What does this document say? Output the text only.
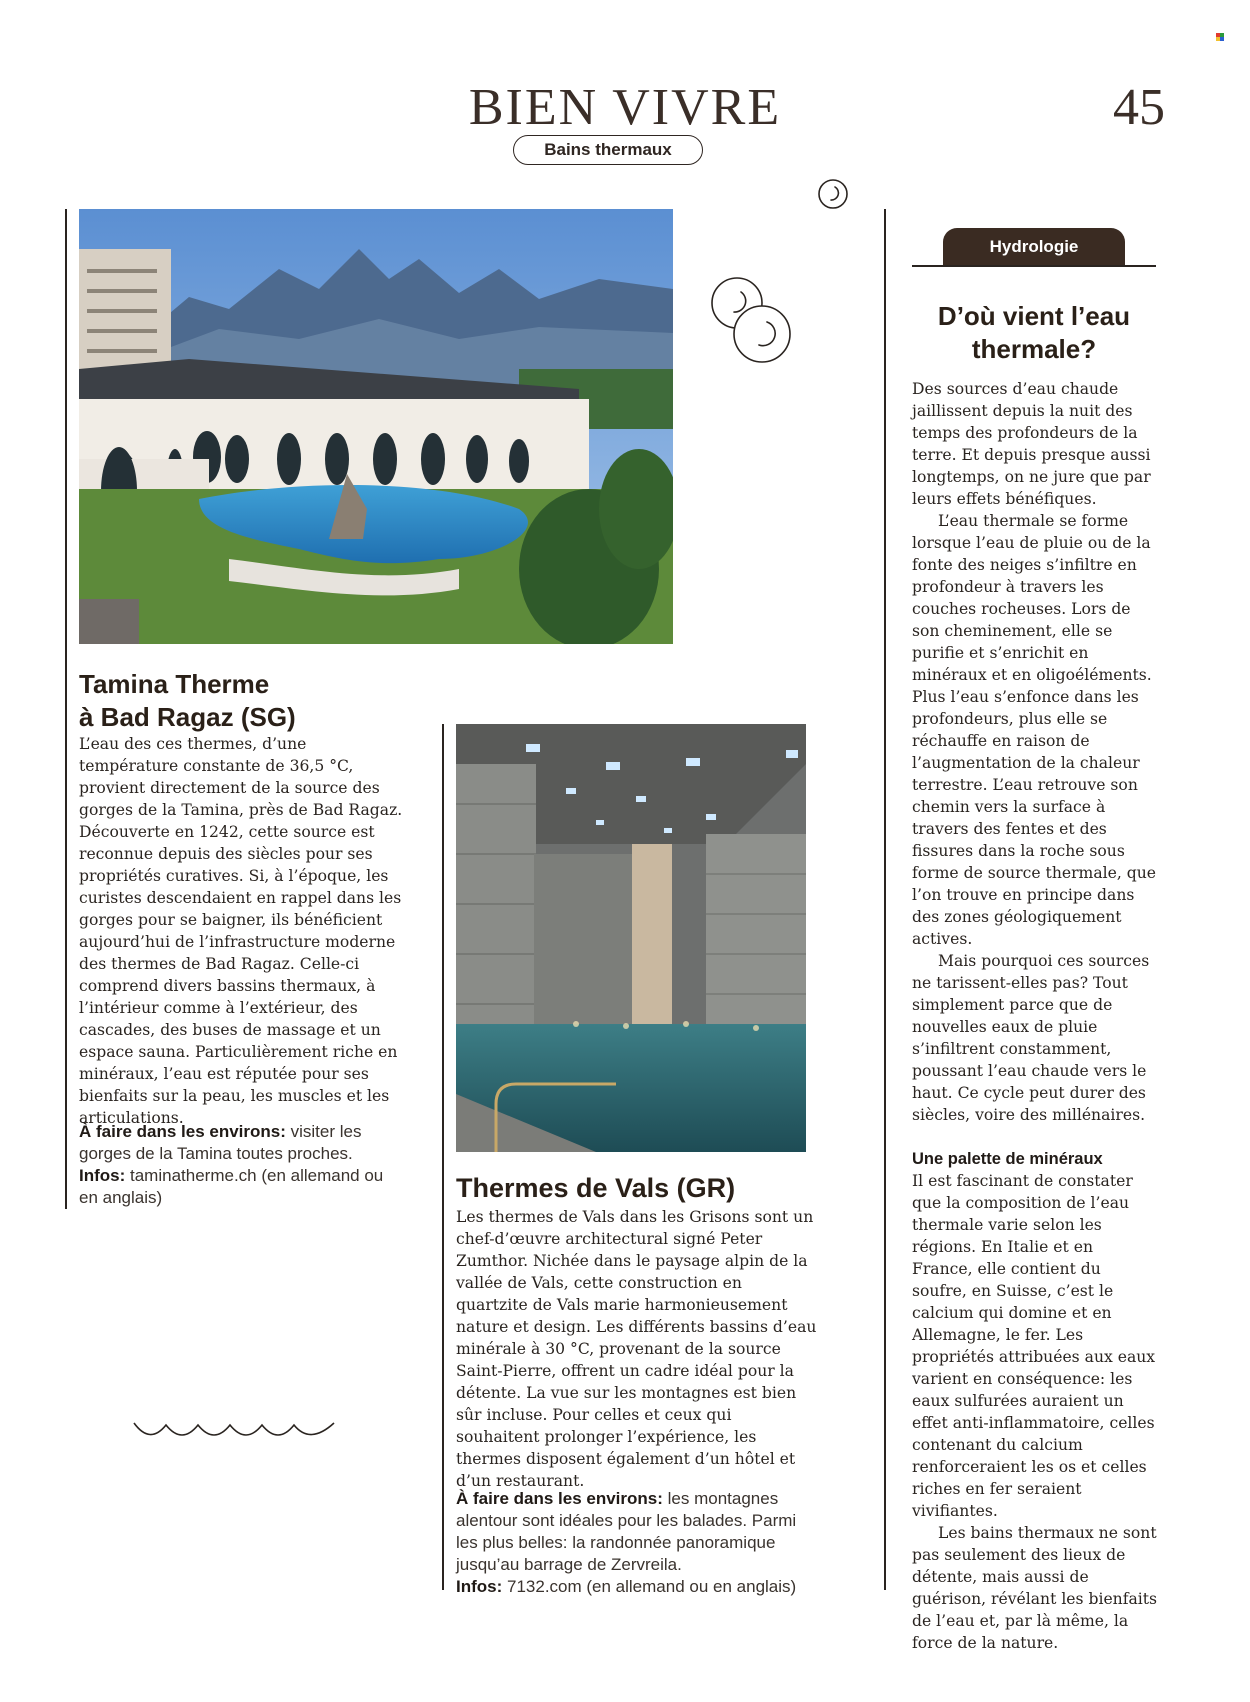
BIEN VIVRE
Bains thermaux
45
Tamina Therme
à Bad Ragaz (SG)

L’eau des ces thermes, d’une température constante de 36,5 °C, provient directement de la source des gorges de la Tamina, près de Bad Ragaz. Découverte en 1242, cette source est reconnue depuis des siècles pour ses propriétés curatives. Si, à l’époque, les curistes descendaient en rappel dans les gorges pour se baigner, ils bénéficient aujourd’hui de l’infrastructure moderne des thermes de Bad Ragaz. Celle-ci comprend divers bassins thermaux, à l’intérieur comme à l’extérieur, des cascades, des buses de massage et un espace sauna. Particulièrement riche en minéraux, l’eau est réputée pour ses bienfaits sur la peau, les muscles et les articulations.

À faire dans les environs: visiter les gorges de la Tamina toutes proches.
Infos: taminatherme.ch (en allemand ou en anglais)	Thermes de Vals (GR)

Les thermes de Vals dans les Grisons sont un chef-d’œuvre architectural signé Peter Zumthor. Nichée dans le paysage alpin de la vallée de Vals, cette construction en quartzite de Vals marie harmonieusement nature et design. Les différents bassins d’eau minérale à 30 °C, provenant de la source Saint-Pierre, offrent un cadre idéal pour la détente. La vue sur les montagnes est bien sûr incluse. Pour celles et ceux qui souhaitent prolonger l’expérience, les thermes disposent également d’un hôtel et d’un restaurant.

À faire dans les environs: les montagnes alentour sont idéales pour les balades. Parmi les plus belles: la randonnée panoramique jusqu’au barrage de Zervreila.
Infos: 7132.com (en allemand ou en anglais)
Hydrologie
D’où vient l’eau
thermale?

Des sources d’eau chaude jaillissent depuis la nuit des temps des profondeurs de la terre. Et depuis presque aussi longtemps, on ne jure que par leurs effets bénéfiques.

L’eau thermale se forme lorsque l’eau de pluie ou de la fonte des neiges s’infiltre en profondeur à travers les couches rocheuses. Lors de son cheminement, elle se purifie et s’enrichit en minéraux et en oligoéléments. Plus l’eau s’enfonce dans les profondeurs, plus elle se réchauffe en raison de l’augmentation de la chaleur terrestre. L’eau retrouve son chemin vers la surface à travers des fentes et des fissures dans la roche sous forme de source thermale, que l’on trouve en principe dans des zones géologiquement actives.

Mais pourquoi ces sources ne tarissent-elles pas? Tout simplement parce que de nouvelles eaux de pluie s’infiltrent constamment, poussant l’eau chaude vers le haut. Ce cycle peut durer des siècles, voire des millénaires.

Une palette de minéraux

Il est fascinant de constater que la composition de l’eau thermale varie selon les régions. En Italie et en France, elle contient du soufre, en Suisse, c’est le calcium qui domine et en Allemagne, le fer. Les propriétés attribuées aux eaux varient en conséquence: les eaux sulfurées auraient un effet anti-inflammatoire, celles contenant du calcium renforceraient les os et celles riches en fer seraient vivifiantes.

Les bains thermaux ne sont pas seulement des lieux de détente, mais aussi de guérison, révélant les bienfaits de l’eau et, par là même, la force de la nature.
